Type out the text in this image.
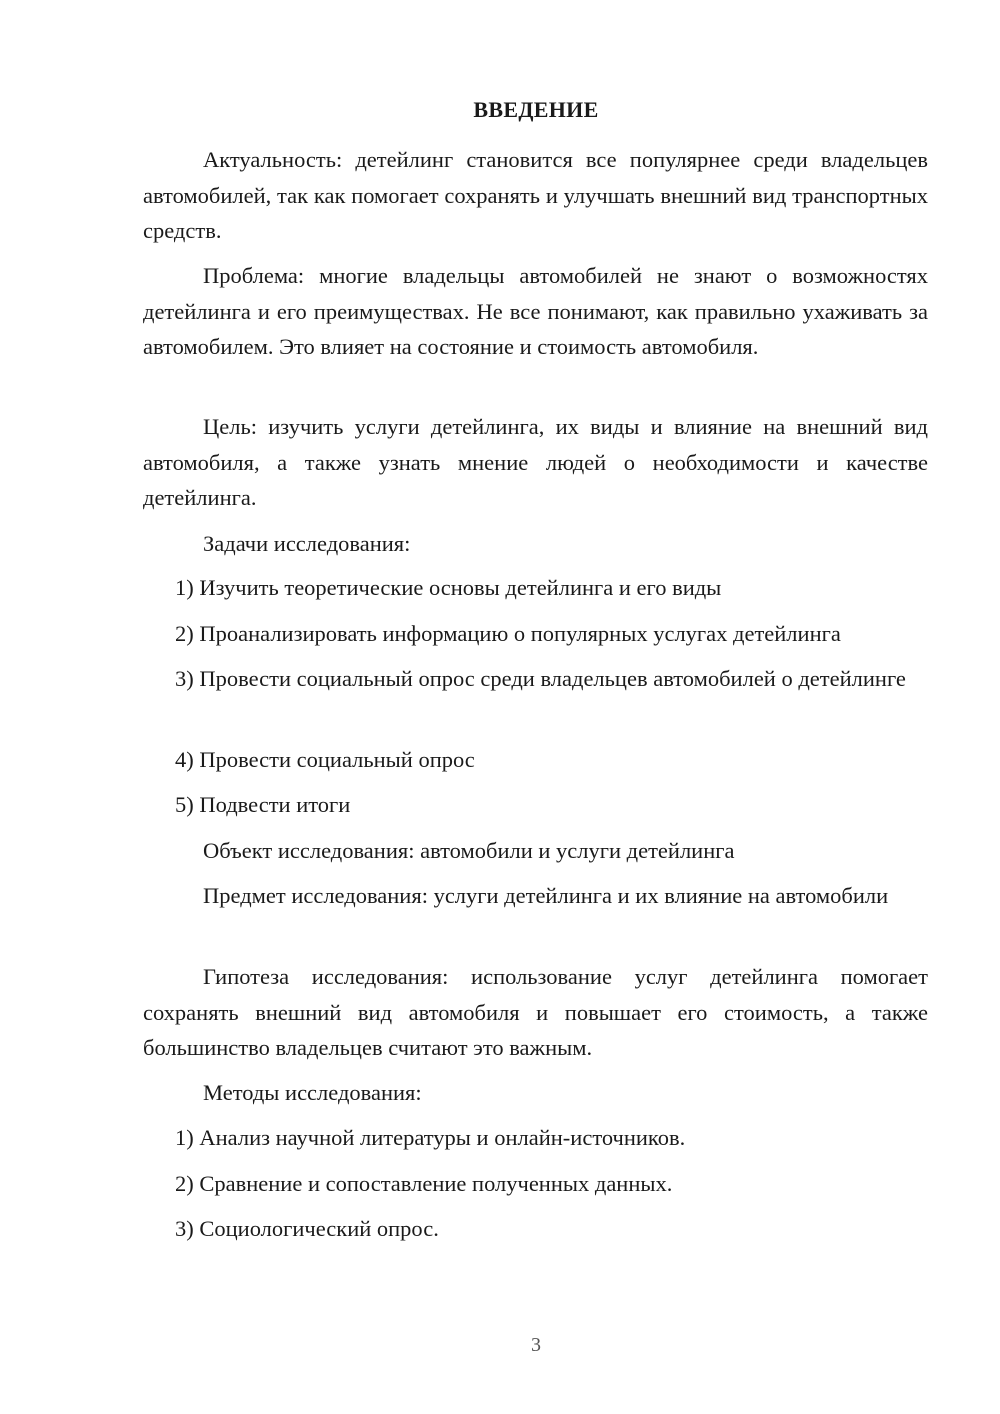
ВВЕДЕНИЕ

Актуальность: детейлинг становится все популярнее среди владельцев автомобилей, так как помогает сохранять и улучшать внешний вид транспортных средств.

Проблема: многие владельцы автомобилей не знают о возможностях детейлинга и его преимуществах. Не все понимают, как правильно ухаживать за автомобилем. Это влияет на состояние и стоимость автомобиля.

Цель: изучить услуги детейлинга, их виды и влияние на внешний вид автомобиля, а также узнать мнение людей о необходимости и качестве детейлинга.

Задачи исследования:

1) Изучить теоретические основы детейлинга и его виды

2) Проанализировать информацию о популярных услугах детейлинга

3) Провести социальный опрос среди владельцев автомобилей о детейлинге

4) Провести социальный опрос

5) Подвести итоги

Объект исследования: автомобили и услуги детейлинга

Предмет исследования: услуги детейлинга и их влияние на автомобили

Гипотеза исследования: использование услуг детейлинга помогает сохранять внешний вид автомобиля и повышает его стоимость, а также большинство владельцев считают это важным.

Методы исследования:

1) Анализ научной литературы и онлайн-источников.

2) Сравнение и сопоставление полученных данных.

3) Социологический опрос.

3
